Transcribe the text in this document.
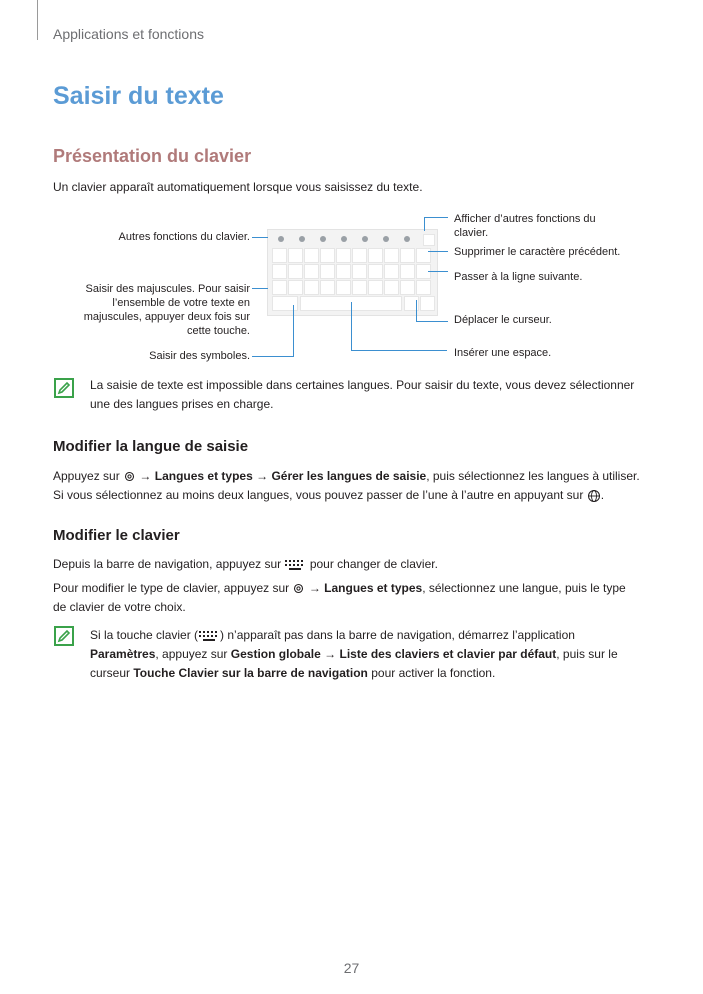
Applications et fonctions
Saisir du texte
Présentation du clavier
Un clavier apparaît automatiquement lorsque vous saisissez du texte.
Autres fonctions du clavier.
Saisir des majuscules. Pour saisir l’ensemble de votre texte en majuscules, appuyer deux fois sur cette touche.
Saisir des symboles.
Afficher d’autres fonctions du clavier.
Supprimer le caractère précédent.
Passer à la ligne suivante.
Déplacer le curseur.
Insérer une espace.
La saisie de texte est impossible dans certaines langues. Pour saisir du texte, vous devez sélectionner une des langues prises en charge.
Modifier la langue de saisie
Appuyez sur → Langues et types → Gérer les langues de saisie, puis sélectionnez les langues à utiliser.
Si vous sélectionnez au moins deux langues, vous pouvez passer de l’une à l’autre en appuyant sur .
Modifier le clavier
Depuis la barre de navigation, appuyez sur pour changer de clavier.
Pour modifier le type de clavier, appuyez sur → Langues et types, sélectionnez une langue, puis le type
de clavier de votre choix.
Si la touche clavier ( ) n’apparaît pas dans la barre de navigation, démarrez l’application
Paramètres, appuyez sur Gestion globale → Liste des claviers et clavier par défaut, puis sur le
curseur Touche Clavier sur la barre de navigation pour activer la fonction.
27
